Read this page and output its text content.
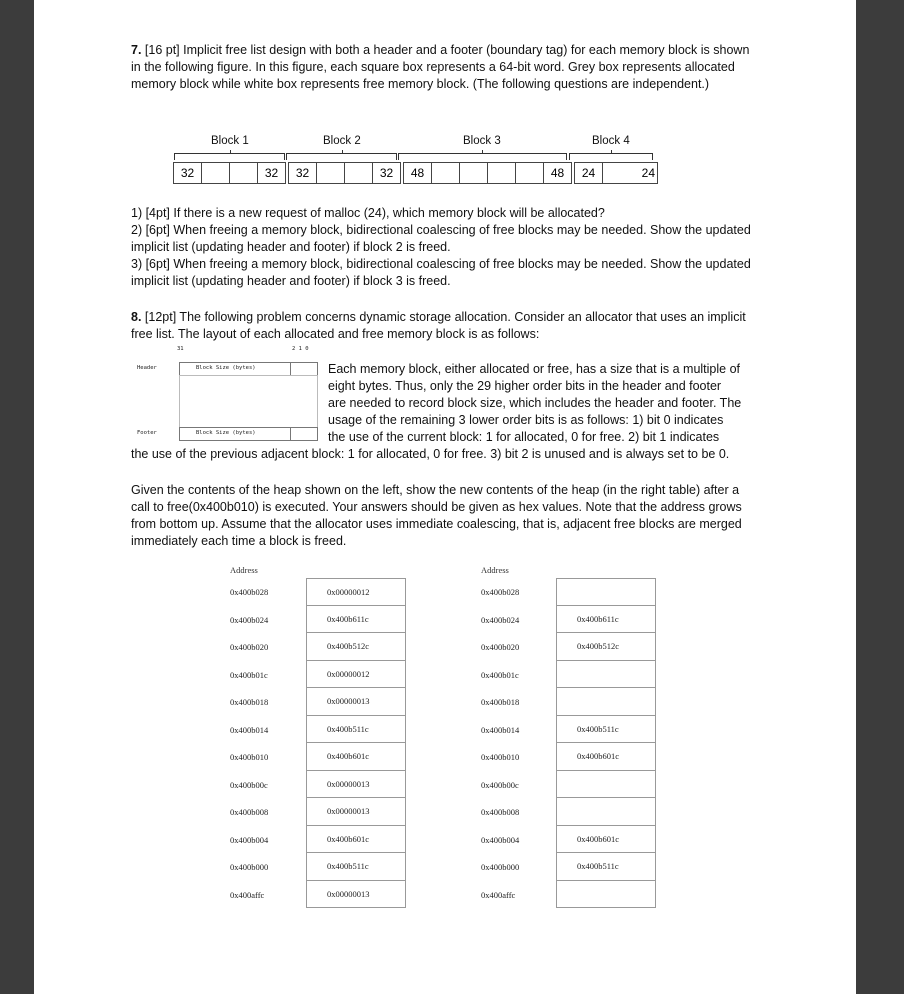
7. [16 pt] Implicit free list design with both a header and a footer (boundary tag) for each memory block is shown in the following figure. In this figure, each square box represents a 64-bit word. Grey box represents allocated memory block while white box represents free memory block. (The following questions are independent.)
Block 1	Block 2	Block 3	Block 4
32	32	32	32	48	48	24	24
1) [4pt] If there is a new request of malloc (24), which memory block will be allocated?
2) [6pt] When freeing a memory block, bidirectional coalescing of free blocks may be needed. Show the updated implicit list (updating header and footer) if block 2 is freed.
3) [6pt] When freeing a memory block, bidirectional coalescing of free blocks may be needed. Show the updated implicit list (updating header and footer) if block 3 is freed.
8. [12pt] The following problem concerns dynamic storage allocation. Consider an allocator that uses an implicit free list. The layout of each allocated and free memory block is as follows:
31	2 1 0
Header
Footer
Block Size (bytes)
Block Size (bytes)
Each memory block, either allocated or free, has a size that is a multiple of
eight bytes. Thus, only the 29 higher order bits in the header and footer
are needed to record block size, which includes the header and footer. The
usage of the remaining 3 lower order bits is as follows: 1) bit 0 indicates
the use of the current block: 1 for allocated, 0 for free. 2) bit 1 indicates
the use of the previous adjacent block: 1 for allocated, 0 for free. 3) bit 2 is unused and is always set to be 0.
Given the contents of the heap shown on the left, show the new contents of the heap (in the right table) after a call to free(0x400b010) is executed. Your answers should be given as hex values. Note that the address grows from bottom up. Assume that the allocator uses immediate coalescing, that is, adjacent free blocks are merged immediately each time a block is freed.
Address	Address
0x400b028	0x00000012	0x400b028
0x400b024	0x400b611c	0x400b024	0x400b611c
0x400b020	0x400b512c	0x400b020	0x400b512c
0x400b01c	0x00000012	0x400b01c
0x400b018	0x00000013	0x400b018
0x400b014	0x400b511c	0x400b014	0x400b511c
0x400b010	0x400b601c	0x400b010	0x400b601c
0x400b00c	0x00000013	0x400b00c
0x400b008	0x00000013	0x400b008
0x400b004	0x400b601c	0x400b004	0x400b601c
0x400b000	0x400b511c	0x400b000	0x400b511c
0x400affc	0x00000013	0x400affc
